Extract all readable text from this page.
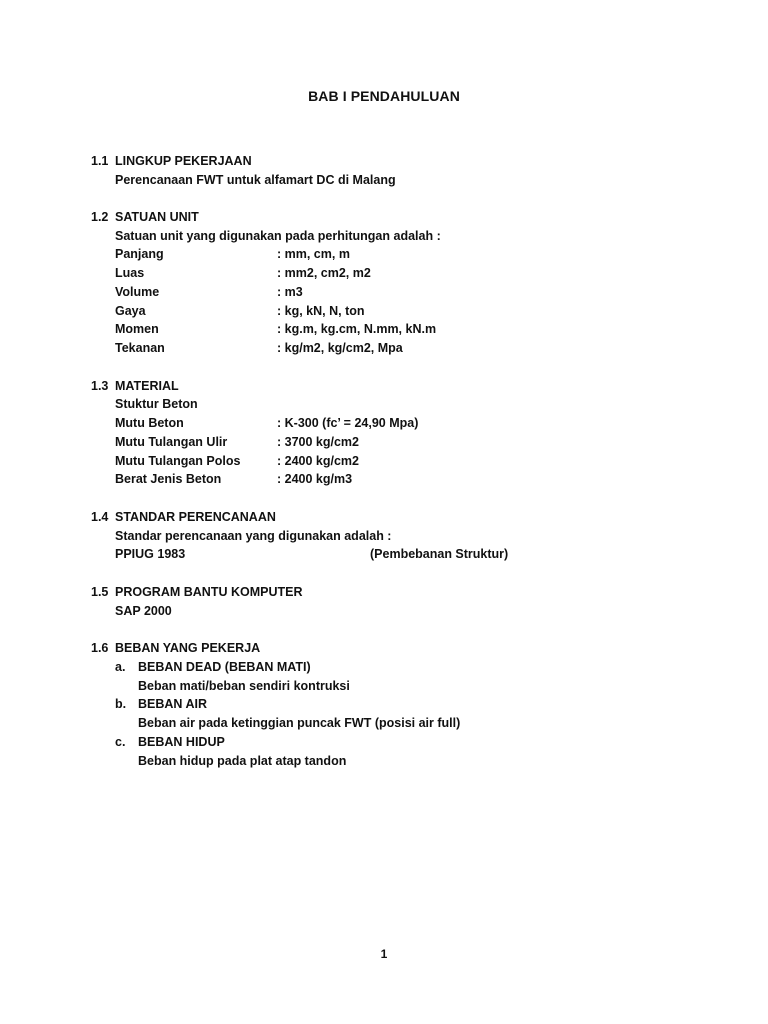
BAB I PENDAHULUAN
1.1 LINGKUP PEKERJAAN
Perencanaan FWT untuk alfamart DC di Malang
1.2 SATUAN UNIT
Satuan unit yang digunakan pada perhitungan adalah :
Panjang	: mm, cm, m
Luas	: mm2, cm2, m2
Volume	: m3
Gaya	: kg, kN, N, ton
Momen	: kg.m, kg.cm, N.mm, kN.m
Tekanan	: kg/m2, kg/cm2, Mpa
1.3 MATERIAL
Stuktur Beton
Mutu Beton	: K-300 (fc’ = 24,90 Mpa)
Mutu Tulangan Ulir	: 3700 kg/cm2
Mutu Tulangan Polos	: 2400 kg/cm2
Berat Jenis Beton	: 2400 kg/m3
1.4 STANDAR PERENCANAAN
Standar perencanaan yang digunakan adalah :
PPIUG 1983	(Pembebanan Struktur)
1.5 PROGRAM BANTU KOMPUTER
SAP 2000
1.6 BEBAN YANG PEKERJA
a. BEBAN DEAD (BEBAN MATI)
Beban mati/beban sendiri kontruksi
b. BEBAN AIR
Beban air pada ketinggian puncak FWT (posisi air full)
c. BEBAN HIDUP
Beban hidup pada plat atap tandon
1
